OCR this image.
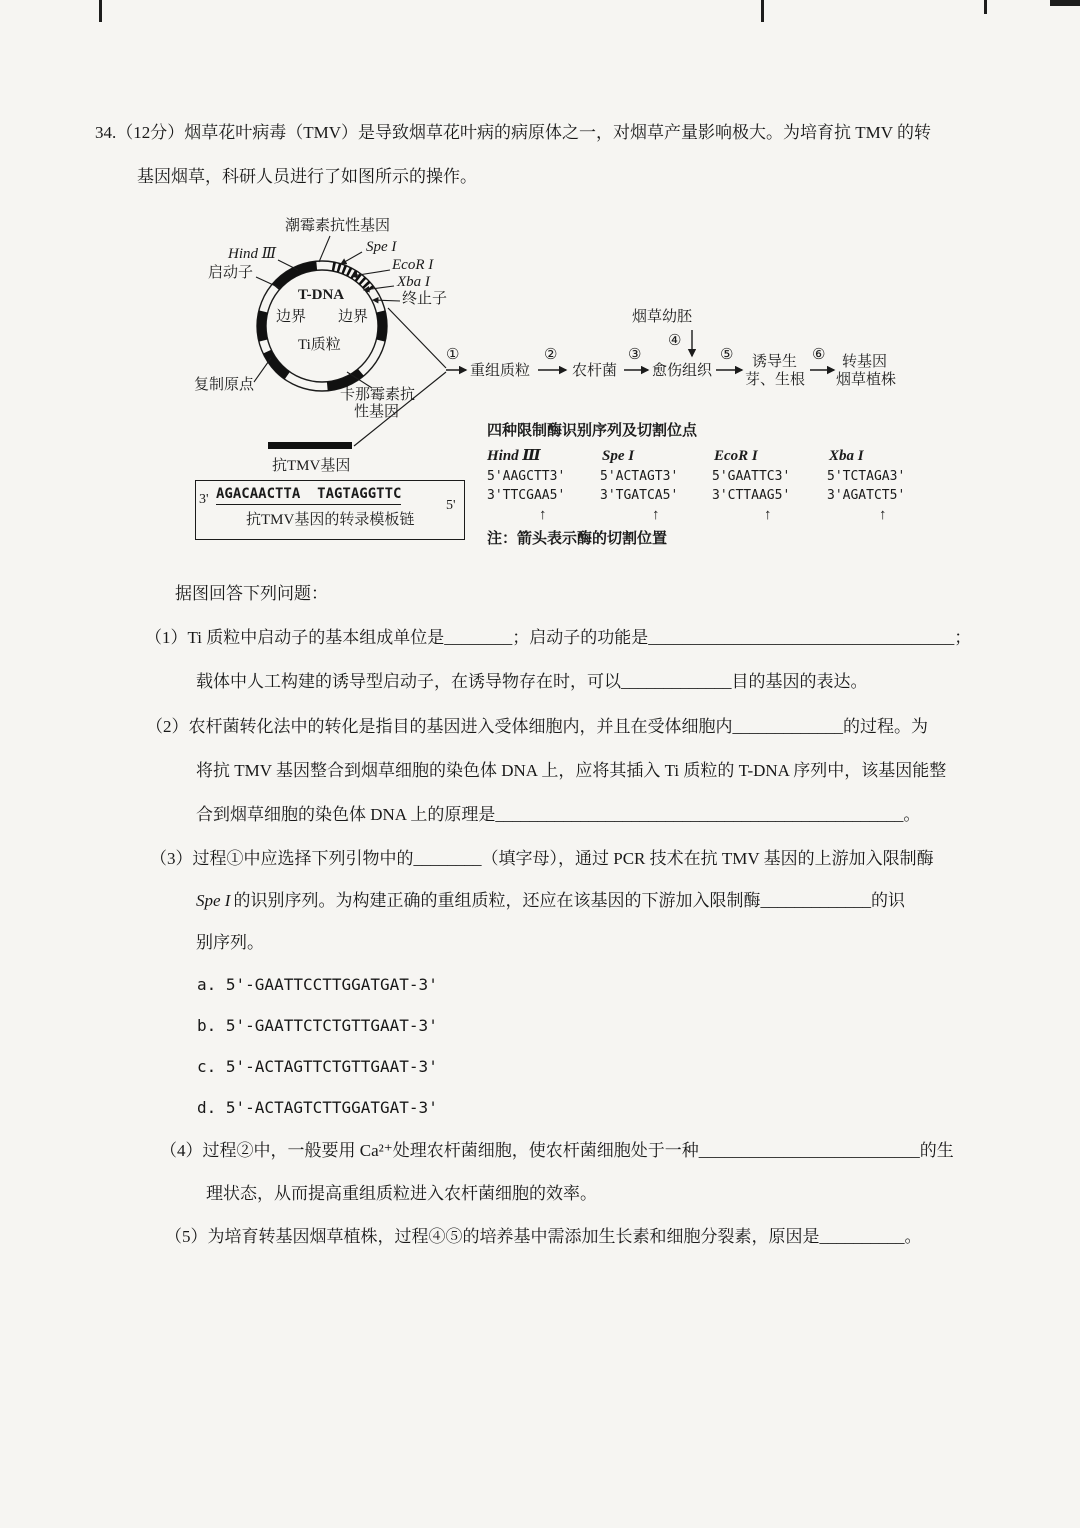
34.（12分）烟草花叶病毒（TMV）是导致烟草花叶病的病原体之一，对烟草产量影响极大。为培育抗 TMV 的转
基因烟草，科研人员进行了如图所示的操作。
潮霉素抗性基因
Spe I
EcoR I
Xba I
终止子
Hind Ⅲ
启动子
T-DNA
边界 边界
Ti质粒
复制原点
卡那霉素抗
性基因
抗TMV基因
3' AGACAACTTA  TAGTAGGTTC
5'
抗TMV基因的转录模板链
①
重组质粒
②
农杆菌
③
愈伤组织
烟草幼胚
④
⑤ 诱导生
芽、生根
⑥ 转基因
烟草植株
四种限制酶识别序列及切割位点
Hind Ⅲ
5'AAGCTT3'
3'TTCGAA5'
↑
Spe I
5'ACTAGT3'
3'TGATCA5'
↑
EcoR I
5'GAATTC3'
3'CTTAAG5'
↑
Xba I
5'TCTAGA3'
3'AGATCT5'
↑
注：箭头表示酶的切割位置
据图回答下列问题：
（1）Ti 质粒中启动子的基本组成单位是________；启动子的功能是____________________________________；
载体中人工构建的诱导型启动子，在诱导物存在时，可以_____________目的基因的表达。
（2）农杆菌转化法中的转化是指目的基因进入受体细胞内，并且在受体细胞内_____________的过程。为
将抗 TMV 基因整合到烟草细胞的染色体 DNA 上，应将其插入 Ti 质粒的 T-DNA 序列中，该基因能整
合到烟草细胞的染色体 DNA 上的原理是________________________________________________。
（3）过程①中应选择下列引物中的________（填字母），通过 PCR 技术在抗 TMV 基因的上游加入限制酶
Spe I 的识别序列。为构建正确的重组质粒，还应在该基因的下游加入限制酶_____________的识
别序列。
a. 5'-GAATTCCTTGGATGAT-3'
b. 5'-GAATTCTCTGTTGAAT-3'
c. 5'-ACTAGTTCTGTTGAAT-3'
d. 5'-ACTAGTCTTGGATGAT-3'
（4）过程②中，一般要用 Ca²⁺处理农杆菌细胞，使农杆菌细胞处于一种__________________________的生
理状态，从而提高重组质粒进入农杆菌细胞的效率。
（5）为培育转基因烟草植株，过程④⑤的培养基中需添加生长素和细胞分裂素，原因是__________。
